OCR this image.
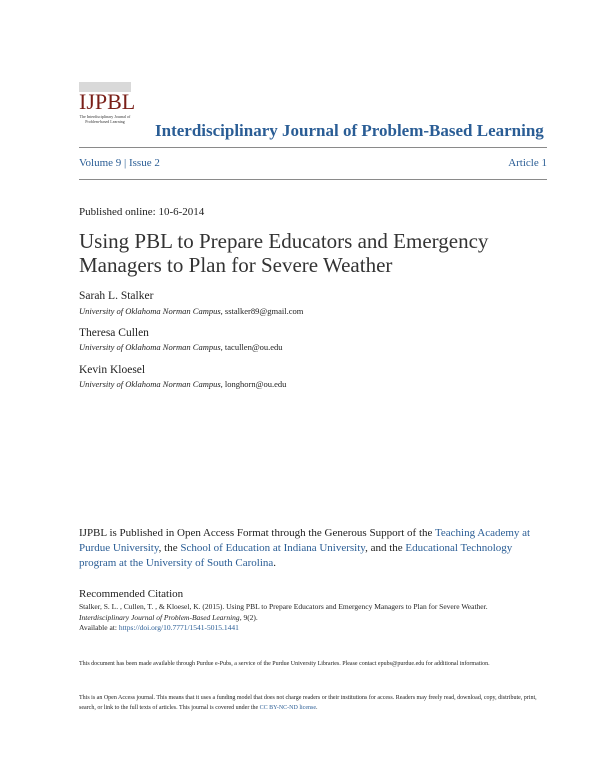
IJPBL
The Interdisciplinary Journal of Problem-based Learning	Interdisciplinary Journal of Problem-Based Learning
Volume 9 | Issue 2	Article 1
Published online: 10-6-2014
Using PBL to Prepare Educators and Emergency Managers to Plan for Severe Weather
Sarah L. Stalker
University of Oklahoma Norman Campus, sstalker89@gmail.com
Theresa Cullen
University of Oklahoma Norman Campus, tacullen@ou.edu
Kevin Kloesel
University of Oklahoma Norman Campus, longhorn@ou.edu
IJPBL is Published in Open Access Format through the Generous Support of the Teaching Academy at Purdue University, the School of Education at Indiana University, and the Educational Technology program at the University of South Carolina.
Recommended Citation
Stalker, S. L. , Cullen, T. , & Kloesel, K. (2015). Using PBL to Prepare Educators and Emergency Managers to Plan for Severe Weather.
Interdisciplinary Journal of Problem-Based Learning, 9(2).
Available at: https://doi.org/10.7771/1541-5015.1441
This document has been made available through Purdue e-Pubs, a service of the Purdue University Libraries. Please contact epubs@purdue.edu for additional information.
This is an Open Access journal. This means that it uses a funding model that does not charge readers or their institutions for access. Readers may freely read, download, copy, distribute, print, search, or link to the full texts of articles. This journal is covered under the CC BY-NC-ND license.
